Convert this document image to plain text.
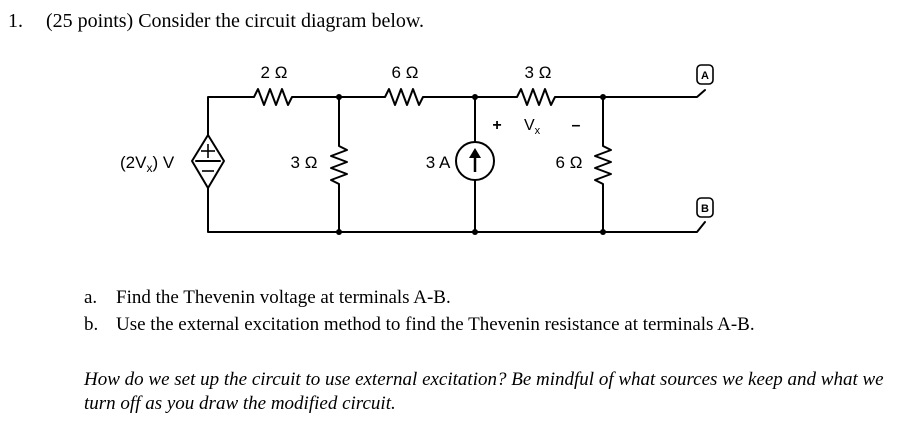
1. (25 points) Consider the circuit diagram below.
2 Ω	6 Ω	3 Ω
3 Ω	6 Ω
3 A
$(2V_x)$ V
+ $V_x$ –
A
B
a. Find the Thevenin voltage at terminals A-B.
b. Use the external excitation method to find the Thevenin resistance at terminals A-B.
How do we set up the circuit to use external excitation? Be mindful of what sources we keep and what we turn off as you draw the modified circuit.
